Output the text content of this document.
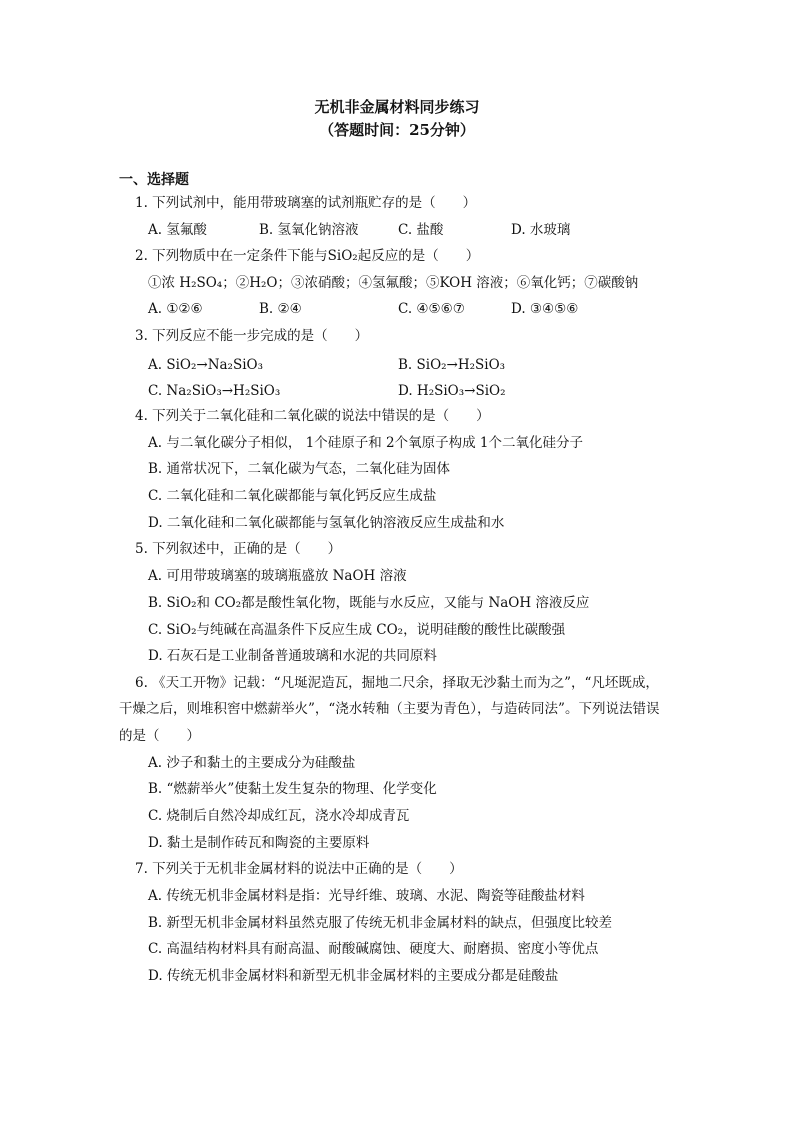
无机非金属材料同步练习
（答题时间：25分钟）
一、选择题
1. 下列试剂中，能用带玻璃塞的试剂瓶贮存的是（　　）
A. 氢氟酸	B. 氢氧化钠溶液	C. 盐酸	D. 水玻璃
2. 下列物质中在一定条件下能与SiO₂起反应的是（　　）
①浓 H₂SO₄；②H₂O；③浓硝酸；④氢氟酸；⑤KOH 溶液；⑥氧化钙；⑦碳酸钠
A. ①②⑥	B. ②④	C. ④⑤⑥⑦	D. ③④⑤⑥
3. 下列反应不能一步完成的是（　　）
A. SiO₂→Na₂SiO₃	B. SiO₂→H₂SiO₃
C. Na₂SiO₃→H₂SiO₃	D. H₂SiO₃→SiO₂
4. 下列关于二氧化硅和二氧化碳的说法中错误的是（　　）
A. 与二氧化碳分子相似， 1个硅原子和 2个氧原子构成 1个二氧化硅分子
B. 通常状况下，二氧化碳为气态，二氧化硅为固体
C. 二氧化硅和二氧化碳都能与氧化钙反应生成盐
D. 二氧化硅和二氧化碳都能与氢氧化钠溶液反应生成盐和水
5. 下列叙述中，正确的是（　　）
A. 可用带玻璃塞的玻璃瓶盛放 NaOH 溶液
B. SiO₂和 CO₂都是酸性氧化物，既能与水反应，又能与 NaOH 溶液反应
C. SiO₂与纯碱在高温条件下反应生成 CO₂，说明硅酸的酸性比碳酸强
D. 石灰石是工业制备普通玻璃和水泥的共同原料
6. 《天工开物》记载：“凡埏泥造瓦，掘地二尺余，择取无沙黏土而为之”，“凡坯既成，
干燥之后，则堆积窖中燃薪举火”，“浇水转釉（主要为青色），与造砖同法”。下列说法错误
的是（　　）
A. 沙子和黏土的主要成分为硅酸盐
B. “燃薪举火”使黏土发生复杂的物理、化学变化
C. 烧制后自然冷却成红瓦，浇水冷却成青瓦
D. 黏土是制作砖瓦和陶瓷的主要原料
7. 下列关于无机非金属材料的说法中正确的是（　　）
A. 传统无机非金属材料是指：光导纤维、玻璃、水泥、陶瓷等硅酸盐材料
B. 新型无机非金属材料虽然克服了传统无机非金属材料的缺点，但强度比较差
C. 高温结构材料具有耐高温、耐酸碱腐蚀、硬度大、耐磨损、密度小等优点
D. 传统无机非金属材料和新型无机非金属材料的主要成分都是硅酸盐
